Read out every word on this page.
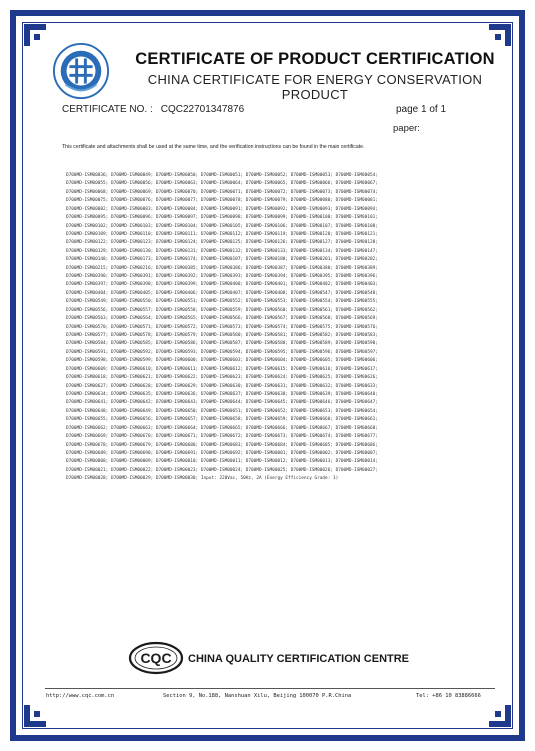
CERTIFICATE OF PRODUCT CERTIFICATION
CHINA CERTIFICATE FOR ENERGY CONSERVATION PRODUCT
CERTIFICATE NO. : CQC22701347876	page 1 of 1
paper:
This certificate and attachments shall be used at the same time, and the verification instructions can be found in the main certificate.
D700MD-ISM00036; D700MD-ISM00049; D700MD-ISM00050; D700MD-ISM00051; D700MD-ISM00052; D700MD-ISM00053; D700MD-ISM00054;
D700MD-ISM00055; D700MD-ISM00056; D700MD-ISM00063; D700MD-ISM00064; D700MD-ISM00065; D700MD-ISM00066; D700MD-ISM00067;
D700MD-ISM00068; D700MD-ISM00069; D700MD-ISM00070; D700MD-ISM00071; D700MD-ISM00072; D700MD-ISM00073; D700MD-ISM00074;
D700MD-ISM00075; D700MD-ISM00076; D700MD-ISM00077; D700MD-ISM00078; D700MD-ISM00079; D700MD-ISM00080; D700MD-ISM00081;
D700MD-ISM00082; D700MD-ISM00083; D700MD-ISM00084; D700MD-ISM00091; D700MD-ISM00092; D700MD-ISM00093; D700MD-ISM00094;
D700MD-ISM00095; D700MD-ISM00096; D700MD-ISM00097; D700MD-ISM00098; D700MD-ISM00099; D700MD-ISM00100; D700MD-ISM00101;
D700MD-ISM00102; D700MD-ISM00103; D700MD-ISM00104; D700MD-ISM00105; D700MD-ISM00106; D700MD-ISM00107; D700MD-ISM00108;
D700MD-ISM00109; D700MD-ISM00110; D700MD-ISM00111; D700MD-ISM00112; D700MD-ISM00119; D700MD-ISM00120; D700MD-ISM00121;
D700MD-ISM00122; D700MD-ISM00123; D700MD-ISM00124; D700MD-ISM00125; D700MD-ISM00126; D700MD-ISM00127; D700MD-ISM00128;
D700MD-ISM00129; D700MD-ISM00130; D700MD-ISM00131; D700MD-ISM00132; D700MD-ISM00133; D700MD-ISM00134; D700MD-ISM00147;
D700MD-ISM00148; D700MD-ISM00173; D700MD-ISM00174; D700MD-ISM00187; D700MD-ISM00188; D700MD-ISM00201; D700MD-ISM00202;
D700MD-ISM00215; D700MD-ISM00216; D700MD-ISM00385; D700MD-ISM00386; D700MD-ISM00387; D700MD-ISM00388; D700MD-ISM00389;
D700MD-ISM00390; D700MD-ISM00391; D700MD-ISM00392; D700MD-ISM00393; D700MD-ISM00394; D700MD-ISM00395; D700MD-ISM00396;
D700MD-ISM00397; D700MD-ISM00398; D700MD-ISM00399; D700MD-ISM00400; D700MD-ISM00401; D700MD-ISM00402; D700MD-ISM00403;
D700MD-ISM00404; D700MD-ISM00405; D700MD-ISM00406; D700MD-ISM00407; D700MD-ISM00408; D700MD-ISM00547; D700MD-ISM00548;
D700MD-ISM00549; D700MD-ISM00550; D700MD-ISM00551; D700MD-ISM00552; D700MD-ISM00553; D700MD-ISM00554; D700MD-ISM00555;
D700MD-ISM00556; D700MD-ISM00557; D700MD-ISM00558; D700MD-ISM00559; D700MD-ISM00560; D700MD-ISM00561; D700MD-ISM00562;
D700MD-ISM00563; D700MD-ISM00564; D700MD-ISM00565; D700MD-ISM00566; D700MD-ISM00567; D700MD-ISM00568; D700MD-ISM00569;
D700MD-ISM00570; D700MD-ISM00571; D700MD-ISM00572; D700MD-ISM00573; D700MD-ISM00574; D700MD-ISM00575; D700MD-ISM00576;
D700MD-ISM00577; D700MD-ISM00578; D700MD-ISM00579; D700MD-ISM00580; D700MD-ISM00581; D700MD-ISM00582; D700MD-ISM00583;
D700MD-ISM00584; D700MD-ISM00585; D700MD-ISM00586; D700MD-ISM00587; D700MD-ISM00588; D700MD-ISM00589; D700MD-ISM00590;
D700MD-ISM00591; D700MD-ISM00592; D700MD-ISM00593; D700MD-ISM00594; D700MD-ISM00595; D700MD-ISM00596; D700MD-ISM00597;
D700MD-ISM00598; D700MD-ISM00599; D700MD-ISM00600; D700MD-ISM00603; D700MD-ISM00604; D700MD-ISM00605; D700MD-ISM00606;
D700MD-ISM00609; D700MD-ISM00610; D700MD-ISM00611; D700MD-ISM00612; D700MD-ISM00615; D700MD-ISM00616; D700MD-ISM00617;
D700MD-ISM00618; D700MD-ISM00621; D700MD-ISM00622; D700MD-ISM00623; D700MD-ISM00624; D700MD-ISM00625; D700MD-ISM00626;
D700MD-ISM00627; D700MD-ISM00628; D700MD-ISM00629; D700MD-ISM00630; D700MD-ISM00631; D700MD-ISM00632; D700MD-ISM00633;
D700MD-ISM00634; D700MD-ISM00635; D700MD-ISM00636; D700MD-ISM00637; D700MD-ISM00638; D700MD-ISM00639; D700MD-ISM00640;
D700MD-ISM00641; D700MD-ISM00642; D700MD-ISM00643; D700MD-ISM00644; D700MD-ISM00645; D700MD-ISM00646; D700MD-ISM00647;
D700MD-ISM00648; D700MD-ISM00649; D700MD-ISM00650; D700MD-ISM00651; D700MD-ISM00652; D700MD-ISM00653; D700MD-ISM00654;
D700MD-ISM00655; D700MD-ISM00656; D700MD-ISM00657; D700MD-ISM00658; D700MD-ISM00659; D700MD-ISM00660; D700MD-ISM00661;
D700MD-ISM00662; D700MD-ISM00663; D700MD-ISM00664; D700MD-ISM00665; D700MD-ISM00666; D700MD-ISM00667; D700MD-ISM00668;
D700MD-ISM00669; D700MD-ISM00670; D700MD-ISM00671; D700MD-ISM00672; D700MD-ISM00673; D700MD-ISM00674; D700MD-ISM00677;
D700MD-ISM00678; D700MD-ISM00679; D700MD-ISM00680; D700MD-ISM00683; D700MD-ISM00684; D700MD-ISM00685; D700MD-ISM00686;
D700MD-ISM00689; D700MD-ISM00690; D700MD-ISM00691; D700MD-ISM00692; D700MD-ISM00001; D700MD-ISM00002; D700MD-ISM00007;
D700MD-ISM00008; D700MD-ISM00009; D700MD-ISM00010; D700MD-ISM00011; D700MD-ISM00012; D700MD-ISM00013; D700MD-ISM00014;
D700MD-ISM00021; D700MD-ISM00022; D700MD-ISM00023; D700MD-ISM00024; D700MD-ISM00025; D700MD-ISM00026; D700MD-ISM00027;
D700MD-ISM00028; D700MD-ISM00029; D700MD-ISM00030; Input: 220Vac, 50Hz, 2A (Energy Efficiency Grade: 1)
CQC CHINA QUALITY CERTIFICATION CENTRE
http://www.cqc.com.cn	Section 9, No.188, Nanshuan Xilu, Beijing 100070 P.R.China	Tel: +86 10 83886666
